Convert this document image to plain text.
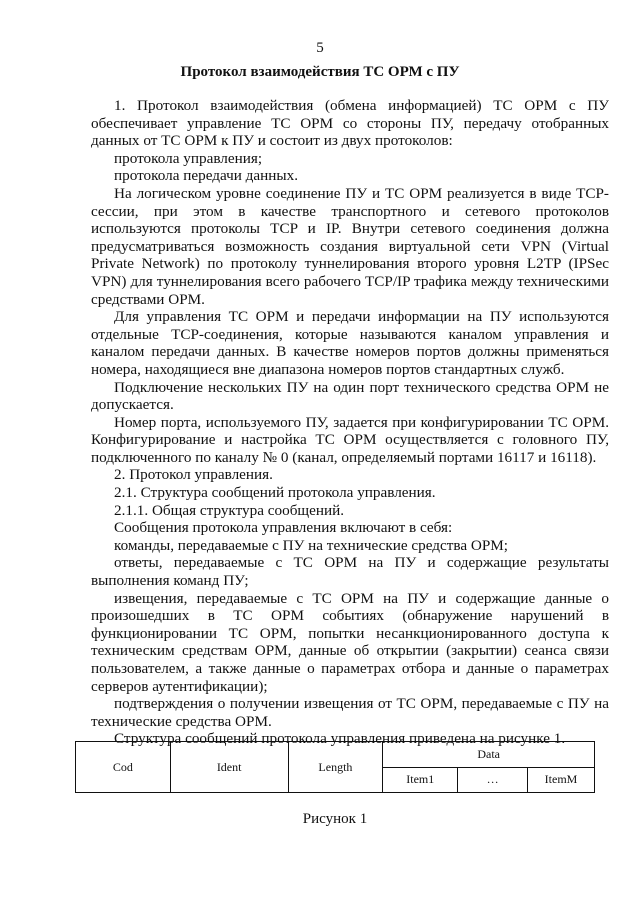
5
Протокол взаимодействия ТС ОРМ с ПУ

1. Протокол взаимодействия (обмена информацией) ТС ОРМ с ПУ обеспечивает управление ТС ОРМ со стороны ПУ, передачу отобранных данных от ТС ОРМ к ПУ и состоит из двух протоколов:

протокола управления;

протокола передачи данных.

На логическом уровне соединение ПУ и ТС ОРМ реализуется в виде TCP-сессии, при этом в качестве транспортного и сетевого протоколов используются протоколы TCP и IP. Внутри сетевого соединения должна предусматриваться возможность создания виртуальной сети VPN (Virtual Private Network) по протоколу туннелирования второго уровня L2TP (IPSec VPN) для туннелирования всего рабочего TCP/IP трафика между техническими средствами ОРМ.

Для управления ТС ОРМ и передачи информации на ПУ используются отдельные TCP-соединения, которые называются каналом управления и каналом передачи данных. В качестве номеров портов должны применяться номера, находящиеся вне диапазона номеров портов стандартных служб.

Подключение нескольких ПУ на один порт технического средства ОРМ не допускается.

Номер порта, используемого ПУ, задается при конфигурировании ТС ОРМ. Конфигурирование и настройка ТС ОРМ осуществляется с головного ПУ, подключенного по каналу № 0 (канал, определяемый портами 16117 и 16118).

2. Протокол управления.

2.1. Структура сообщений протокола управления.

2.1.1. Общая структура сообщений.

Сообщения протокола управления включают в себя:

команды, передаваемые с ПУ на технические средства ОРМ;

ответы, передаваемые с ТС ОРМ на ПУ и содержащие результаты выполнения команд ПУ;

извещения, передаваемые с ТС ОРМ на ПУ и содержащие данные о произошедших в ТС ОРМ событиях (обнаружение нарушений в функционировании ТС ОРМ, попытки несанкционированного доступа к техническим средствам ОРМ, данные об открытии (закрытии) сеанса связи пользователем, а также данные о параметрах отбора и данные о параметрах серверов аутентификации);

подтверждения о получении извещения от ТС ОРМ, передаваемые с ПУ на технические средства ОРМ.

Структура сообщений протокола управления приведена на рисунке 1.

Cod	Ident	Length	Data		
			Item1	…	ItemM
Рисунок 1
